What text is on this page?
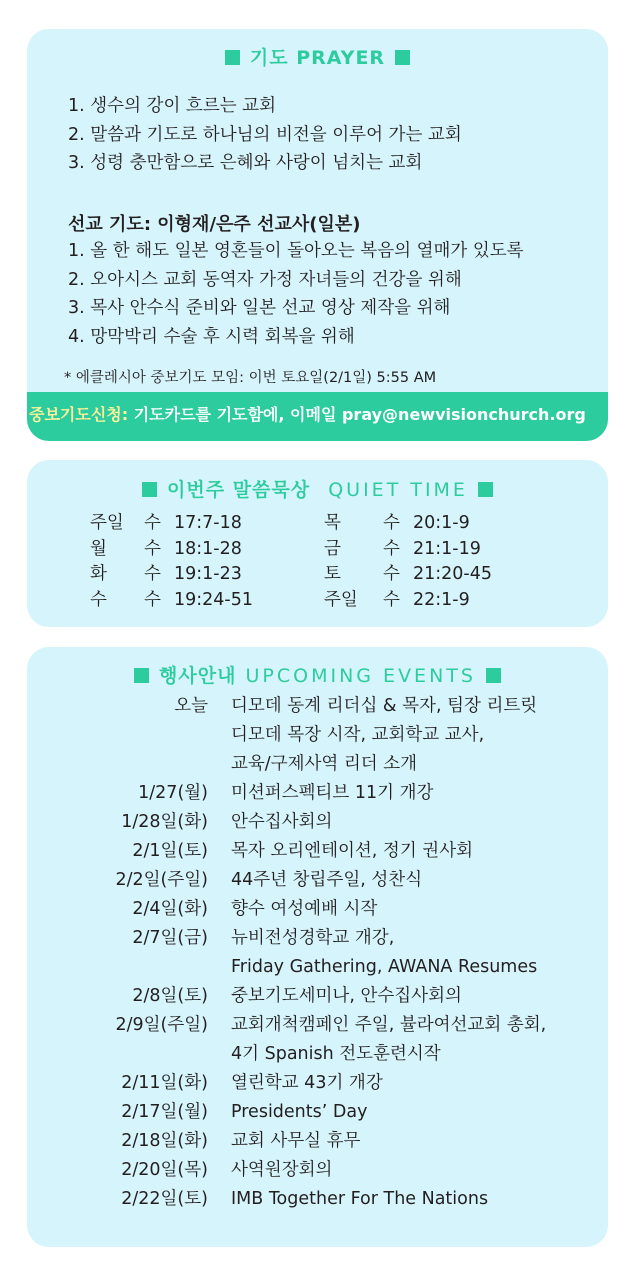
기도 PRAYER
1. 생수의 강이 흐르는 교회
2. 말씀과 기도로 하나님의 비전을 이루어 가는 교회
3. 성령 충만함으로 은혜와 사랑이 넘치는 교회
선교 기도: 이형재/은주 선교사(일본)
1. 올 한 해도 일본 영혼들이 돌아오는 복음의 열매가 있도록
2. 오아시스 교회 동역자 가정 자녀들의 건강을 위해
3. 목사 안수식 준비와 일본 선교 영상 제작을 위해
4. 망막박리 수술 후 시력 회복을 위해
* 에클레시아 중보기도 모임: 이번 토요일(2/1일) 5:55 AM
중보기도신청: 기도카드를 기도함에, 이메일 pray@newvisionchurch.org
이번주 말씀묵상 QUIET TIME
주일 수 17:7-18
월 수 18:1-28
화 수 19:1-23
수 수 19:24-51
목 수 20:1-9
금 수 21:1-19
토 수 21:20-45
주일 수 22:1-9
행사안내 UPCOMING EVENTS
오늘 디모데 동계 리더십 & 목자, 팀장 리트릿
디모데 목장 시작, 교회학교 교사,
교육/구제사역 리더 소개
1/27(월) 미션퍼스펙티브 11기 개강
1/28일(화) 안수집사회의
2/1일(토) 목자 오리엔테이션, 정기 권사회
2/2일(주일) 44주년 창립주일, 성찬식
2/4일(화) 향수 여성예배 시작
2/7일(금) 뉴비전성경학교 개강,
Friday Gathering, AWANA Resumes
2/8일(토) 중보기도세미나, 안수집사회의
2/9일(주일) 교회개척캠페인 주일, 뷸라여선교회 총회,
4기 Spanish 전도훈련시작
2/11일(화) 열린학교 43기 개강
2/17일(월) Presidents’ Day
2/18일(화) 교회 사무실 휴무
2/20일(목) 사역원장회의
2/22일(토) IMB Together For The Nations
